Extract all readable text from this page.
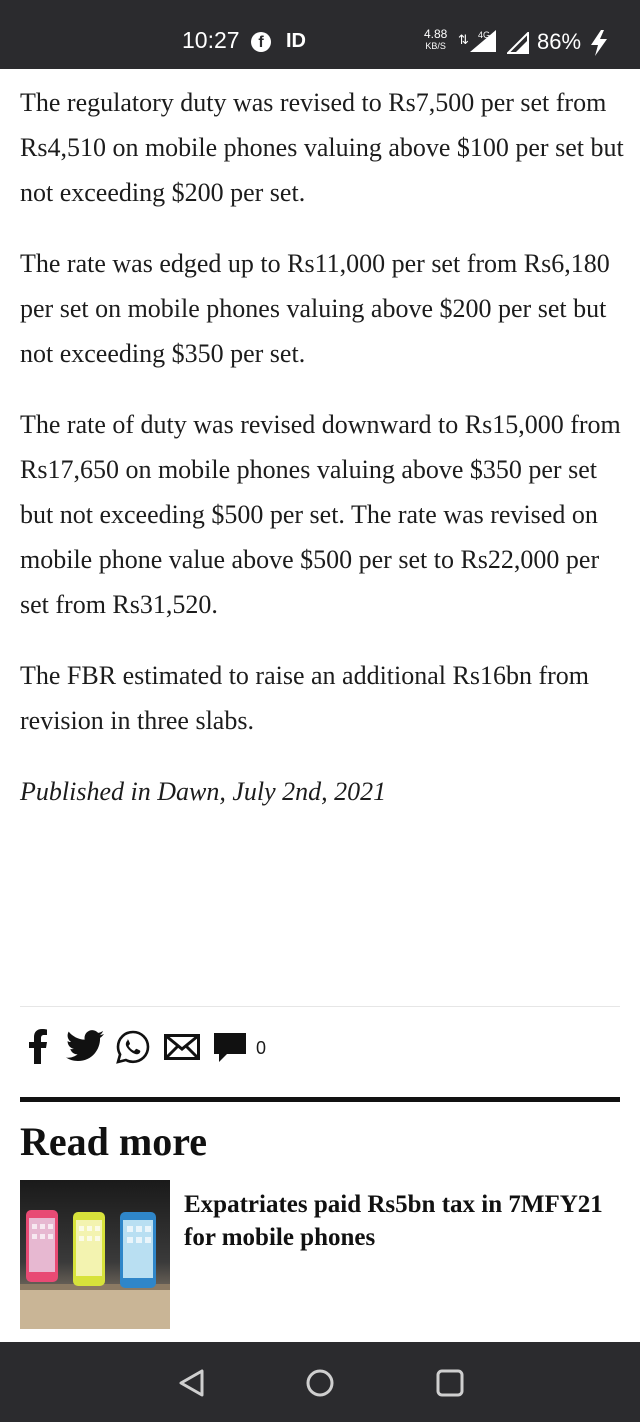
10:27	f	ID	4.88
KB/S ⇅ 4G 86%

The regulatory duty was revised to Rs7,500 per set from Rs4,510 on mobile phones valuing above $100 per set but not exceeding $200 per set.

The rate was edged up to Rs11,000 per set from Rs6,180 per set on mobile phones valuing above $200 per set but not exceeding $350 per set.

The rate of duty was revised downward to Rs15,000 from Rs17,650 on mobile phones valuing above $350 per set but not exceeding $500 per set. The rate was revised on mobile phone value above $500 per set to Rs22,000 per set from Rs31,520.

The FBR estimated to raise an additional Rs16bn from revision in three slabs.

Published in Dawn, July 2nd, 2021

0
Read more
Expatriates paid Rs5bn tax in 7MFY21 for mobile phones
